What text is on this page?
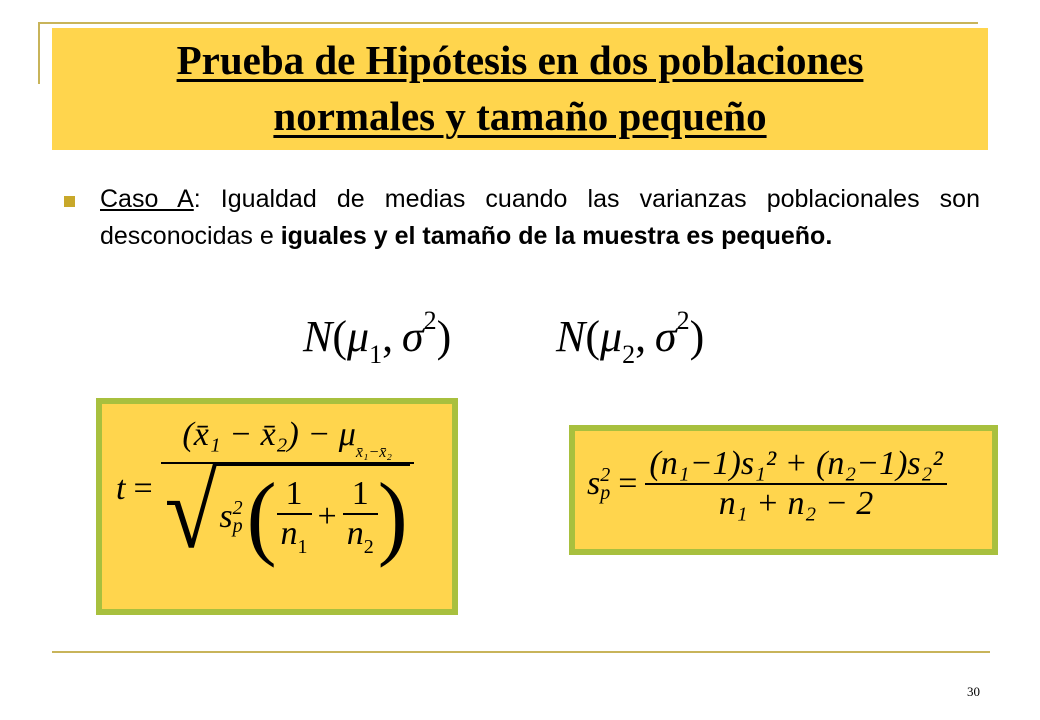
Prueba de Hipótesis en dos poblaciones
normales y tamaño pequeño

Caso A: Igualdad de medias cuando las varianzas poblacionales son desconocidas e iguales y el tamaño de la muestra es pequeño.

$N(\mu_1$, $\sigma^2$) $N(\mu_2$, $\sigma^2$)
t =
(x̄₁ − x̄₂) − $\mu_{x̄_1-x̄_2}$
√ s 2
p ( $\frac{1}{n_1} + \frac{1}{n_2}$ )	s 2
$p = \frac{\text{(n₁−1)s₁² + (n₂−1)s₂²}}{\text{n₁ + n₂ − 2}}$
30
